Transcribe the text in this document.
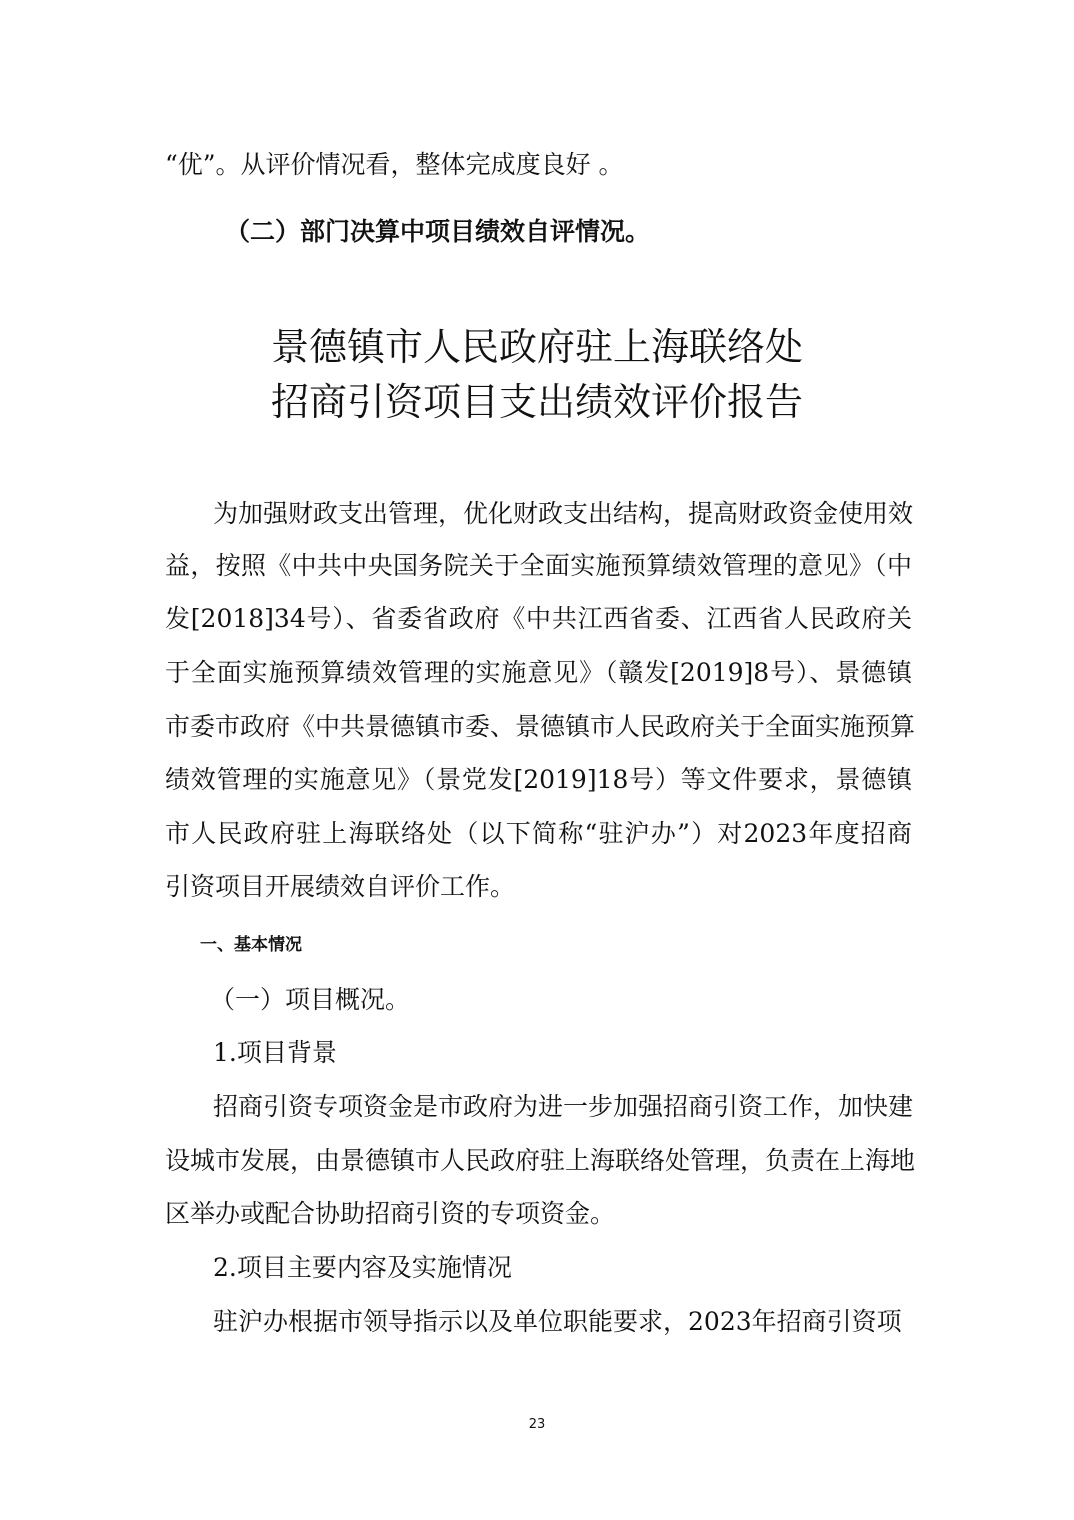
“优”。从评价情况看，整体完成度良好 。
（二）部门决算中项目绩效自评情况。
景德镇市人民政府驻上海联络处
招商引资项目支出绩效评价报告
为加强财政支出管理，优化财政支出结构，提高财政资金使用效
益，按照《中共中央国务院关于全面实施预算绩效管理的意见》（中
发[2018]34号）、省委省政府《中共江西省委、江西省人民政府关
于全面实施预算绩效管理的实施意见》（赣发[2019]8号）、景德镇
市委市政府《中共景德镇市委、景德镇市人民政府关于全面实施预算
绩效管理的实施意见》（景党发[2019]18号）等文件要求，景德镇
市人民政府驻上海联络处（以下简称“驻沪办”）对2023年度招商
引资项目开展绩效自评价工作。
一、基本情况
（一）项目概况。
1.项目背景
招商引资专项资金是市政府为进一步加强招商引资工作，加快建
设城市发展，由景德镇市人民政府驻上海联络处管理，负责在上海地
区举办或配合协助招商引资的专项资金。
2.项目主要内容及实施情况
驻沪办根据市领导指示以及单位职能要求，2023年招商引资项
23
